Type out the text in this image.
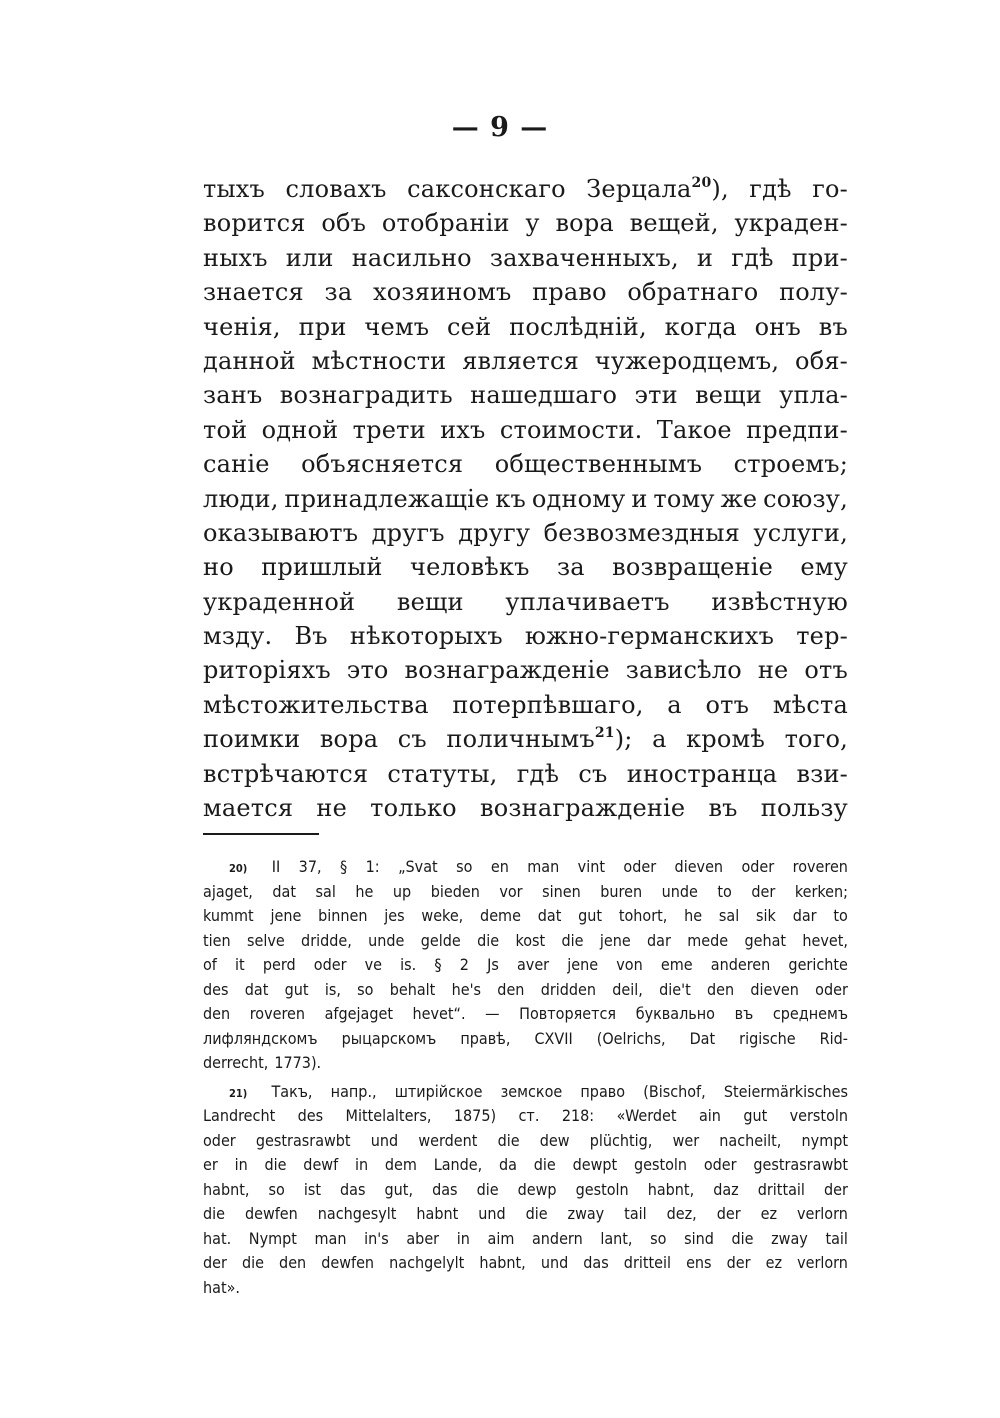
— 9 —
тыхъ словахъ саксонскаго Зерцала$^{20}$), гдѣ го-
ворится объ отобраніи у вора вещей, украден-
ныхъ или насильно захваченныхъ, и гдѣ при-
знается за хозяиномъ право обратнаго полу-
ченія, при чемъ сей послѣдній, когда онъ въ
данной мѣстности является чужеродцемъ, обя-
занъ вознаградить нашедшаго эти вещи упла-
той одной трети ихъ стоимости. Такое предпи-
саніе объясняется общественнымъ строемъ;
люди, принадлежащіе къ одному и тому же союзу,
оказываютъ другъ другу безвозмездныя услуги,
но пришлый человѣкъ за возвращеніе ему
украденной вещи уплачиваетъ извѣстную
мзду. Въ нѣкоторыхъ южно-германскихъ тер-
риторіяхъ это вознагражденіе зависѣло не отъ
мѣстожительства потерпѣвшаго, а отъ мѣста
поимки вора съ поличнымъ$^{21}$); а кромѣ того,
встрѣчаются статуты, гдѣ съ иностранца взи-
мается не только вознагражденіе въ пользу
20) II 37, § 1: „Svat so en man vint oder dieven oder roveren
ajaget, dat sal he up bieden vor sinen buren unde to der kerken;
kummt jene binnen jes weke, deme dat gut tohort, he sal sik dar to
tien selve dridde, unde gelde die kost die jene dar mede gehat hevet,
of it perd oder ve is. § 2 Js aver jene von eme anderen gerichte
des dat gut is, so behalt he's den dridden deil, die't den dieven oder
den roveren afgejaget hevet“. — Повторяется буквально въ среднемъ
лифляндскомъ рыцарскомъ правѣ, CXVII (Oelrichs, Dat rigische Rid-
derrecht, 1773).
21) Такъ, напр., штирійское земское право (Bischof, Steiermärkisches
Landrecht des Mittelalters, 1875) ст. 218: «Werdet ain gut verstoln
oder gestrasrawbt und werdent die dew plüchtig, wer nacheilt, nympt
er in die dewf in dem Lande, da die dewpt gestoln oder gestrasrawbt
habnt, so ist das gut, das die dewp gestoln habnt, daz drittail der
die dewfen nachgesylt habnt und die zway tail dez, der ez verlorn
hat. Nympt man in's aber in aim andern lant, so sind die zway tail
der die den dewfen nachgelylt habnt, und das dritteil ens der ez verlorn
hat».
